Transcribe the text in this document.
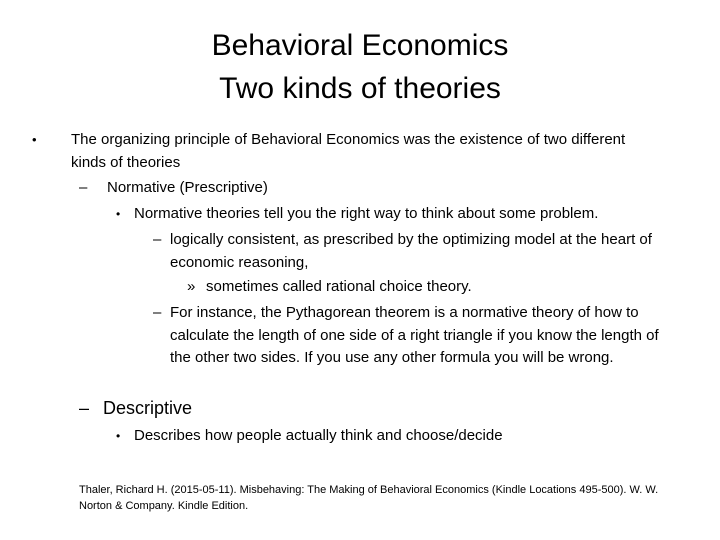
Behavioral Economics
Two kinds of theories
• The organizing principle of Behavioral Economics was the existence of two different kinds of theories
– Normative (Prescriptive)
• Normative theories tell you the right way to think about some problem.
– logically consistent, as prescribed by the optimizing model at the heart of economic reasoning,
» sometimes called rational choice theory.
– For instance, the Pythagorean theorem is a normative theory of how to calculate the length of one side of a right triangle if you know the length of the other two sides. If you use any other formula you will be wrong.
– Descriptive
• Describes how people actually think and choose/decide
Thaler, Richard H. (2015-05-11). Misbehaving: The Making of Behavioral Economics (Kindle Locations 495-500). W. W. Norton & Company. Kindle Edition.
